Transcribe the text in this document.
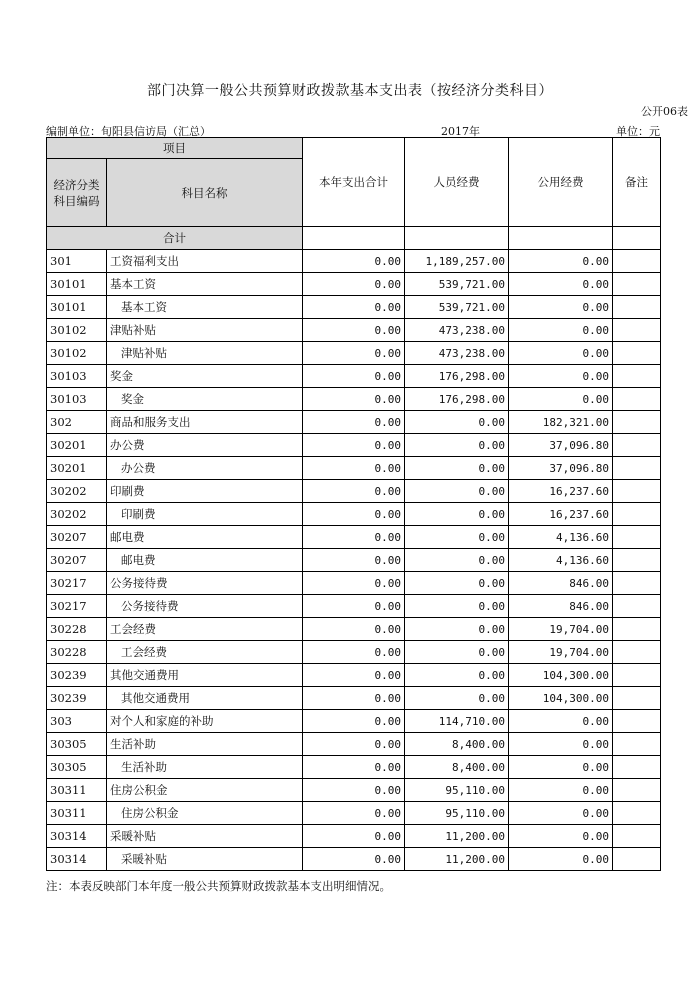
部门决算一般公共预算财政拨款基本支出表（按经济分类科目）
公开06表
编制单位：旬阳县信访局（汇总）	2017年	单位：元
项目		本年支出合计	人员经费	公用经费	备注
经济分类
科目编码	科目名称				
合计					
301	工资福利支出	0.00	1,189,257.00	0.00	
30101	基本工资	0.00	539,721.00	0.00	
30101	基本工资	0.00	539,721.00	0.00	
30102	津贴补贴	0.00	473,238.00	0.00	
30102	津贴补贴	0.00	473,238.00	0.00	
30103	奖金	0.00	176,298.00	0.00	
30103	奖金	0.00	176,298.00	0.00	
302	商品和服务支出	0.00	0.00	182,321.00	
30201	办公费	0.00	0.00	37,096.80	
30201	办公费	0.00	0.00	37,096.80	
30202	印刷费	0.00	0.00	16,237.60	
30202	印刷费	0.00	0.00	16,237.60	
30207	邮电费	0.00	0.00	4,136.60	
30207	邮电费	0.00	0.00	4,136.60	
30217	公务接待费	0.00	0.00	846.00	
30217	公务接待费	0.00	0.00	846.00	
30228	工会经费	0.00	0.00	19,704.00	
30228	工会经费	0.00	0.00	19,704.00	
30239	其他交通费用	0.00	0.00	104,300.00	
30239	其他交通费用	0.00	0.00	104,300.00	
303	对个人和家庭的补助	0.00	114,710.00	0.00	
30305	生活补助	0.00	8,400.00	0.00	
30305	生活补助	0.00	8,400.00	0.00	
30311	住房公积金	0.00	95,110.00	0.00	
30311	住房公积金	0.00	95,110.00	0.00	
30314	采暖补贴	0.00	11,200.00	0.00	
30314	采暖补贴	0.00	11,200.00	0.00	
注：本表反映部门本年度一般公共预算财政拨款基本支出明细情况。
